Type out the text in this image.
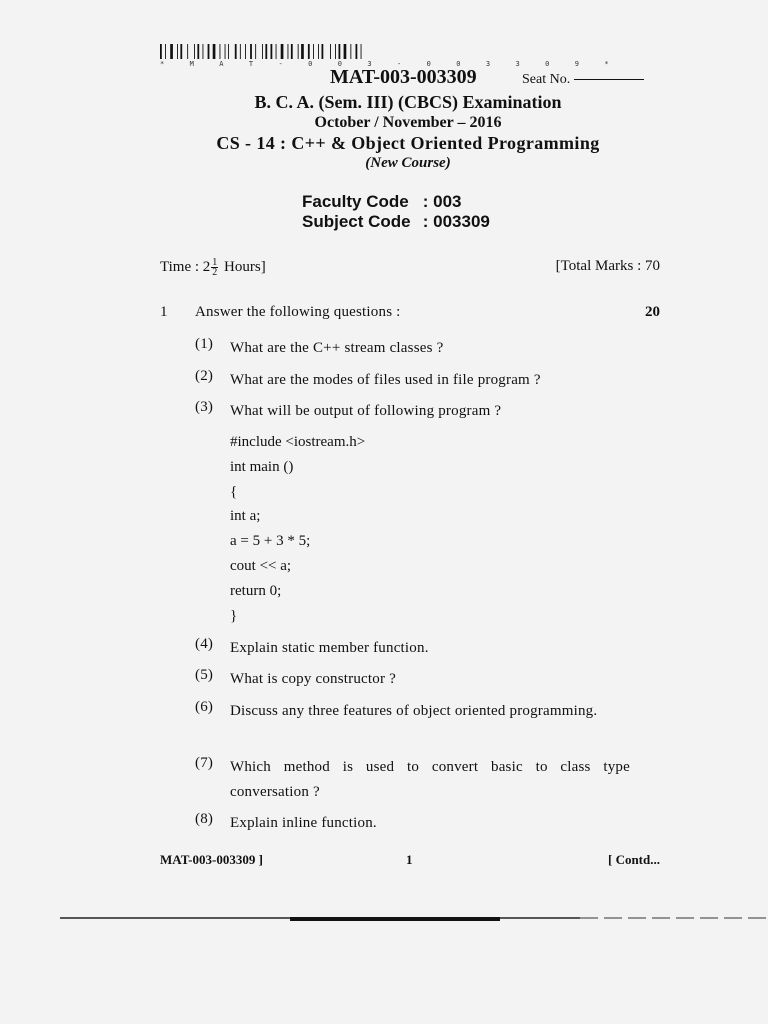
* M A T - 0 0 3 - 0 0 3 3 0 9 *
MAT-003-003309	Seat No.
B. C. A. (Sem. III) (CBCS) Examination
October / November – 2016
CS - 14 : C++ & Object Oriented Programming
(New Course)
Faculty Code : 003
Subject Code : 003309
Time : $2 \frac{1}{2}$ Hours]	[Total Marks : 70
1 Answer the following questions :	20
(1) What are the C++ stream classes ?
(2) What are the modes of files used in file program ?
(3) What will be output of following program ?
#include <iostream.h>
int main ()
{
int a;
a = 5 + 3 * 5;
cout << a;
return 0;
}
(4) Explain static member function.
(5) What is copy constructor ?
(6) Discuss any three features of object oriented programming.
(7) Which method is used to convert basic to class type conversation ?
(8) Explain inline function.
MAT-003-003309 ]	1	[ Contd...
